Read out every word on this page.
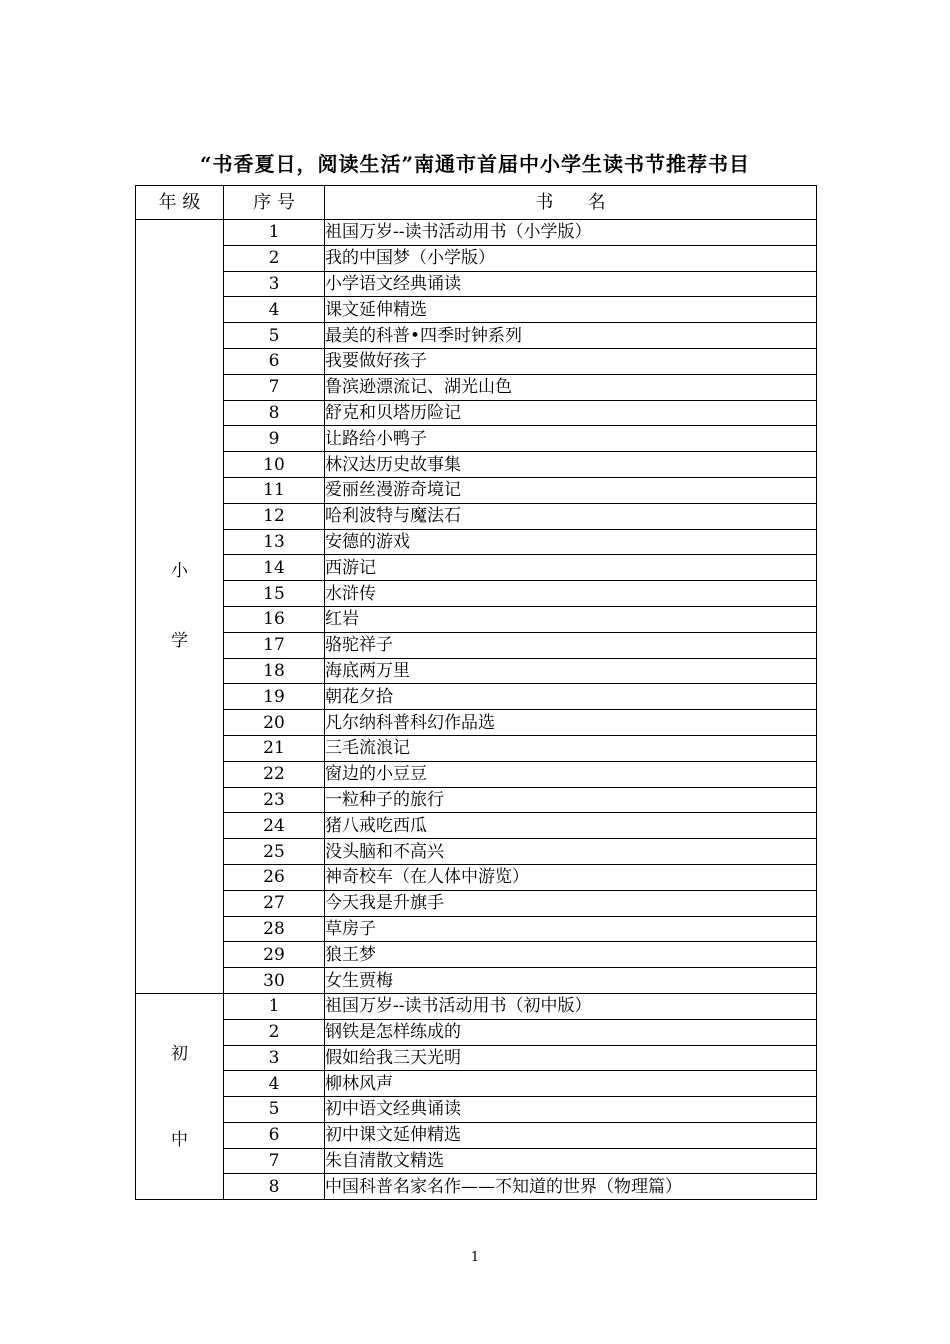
“书香夏日，阅读生活”南通市首届中小学生读书节推荐书目
年 级	序 号	书      名

小
学	1	祖国万岁--读书活动用书（小学版）
	2	我的中国梦（小学版）
	3	小学语文经典诵读
	4	课文延伸精选
	5	最美的科普•四季时钟系列
	6	我要做好孩子
	7	鲁滨逊漂流记、湖光山色
	8	舒克和贝塔历险记
	9	让路给小鸭子
	10	林汉达历史故事集
	11	爱丽丝漫游奇境记
	12	哈利波特与魔法石
	13	安德的游戏
	14	西游记
	15	水浒传
	16	红岩
	17	骆驼祥子
	18	海底两万里
	19	朝花夕拾
	20	凡尔纳科普科幻作品选
	21	三毛流浪记
	22	窗边的小豆豆
	23	一粒种子的旅行
	24	猪八戒吃西瓜
	25	没头脑和不高兴
	26	神奇校车（在人体中游览）
	27	今天我是升旗手
	28	草房子
	29	狼王梦
	30	女生贾梅

初
中	1	祖国万岁--读书活动用书（初中版）
	2	钢铁是怎样练成的
	3	假如给我三天光明
	4	柳林风声
	5	初中语文经典诵读
	6	初中课文延伸精选
	7	朱自清散文精选
	8	中国科普名家名作——不知道的世界（物理篇）
1
